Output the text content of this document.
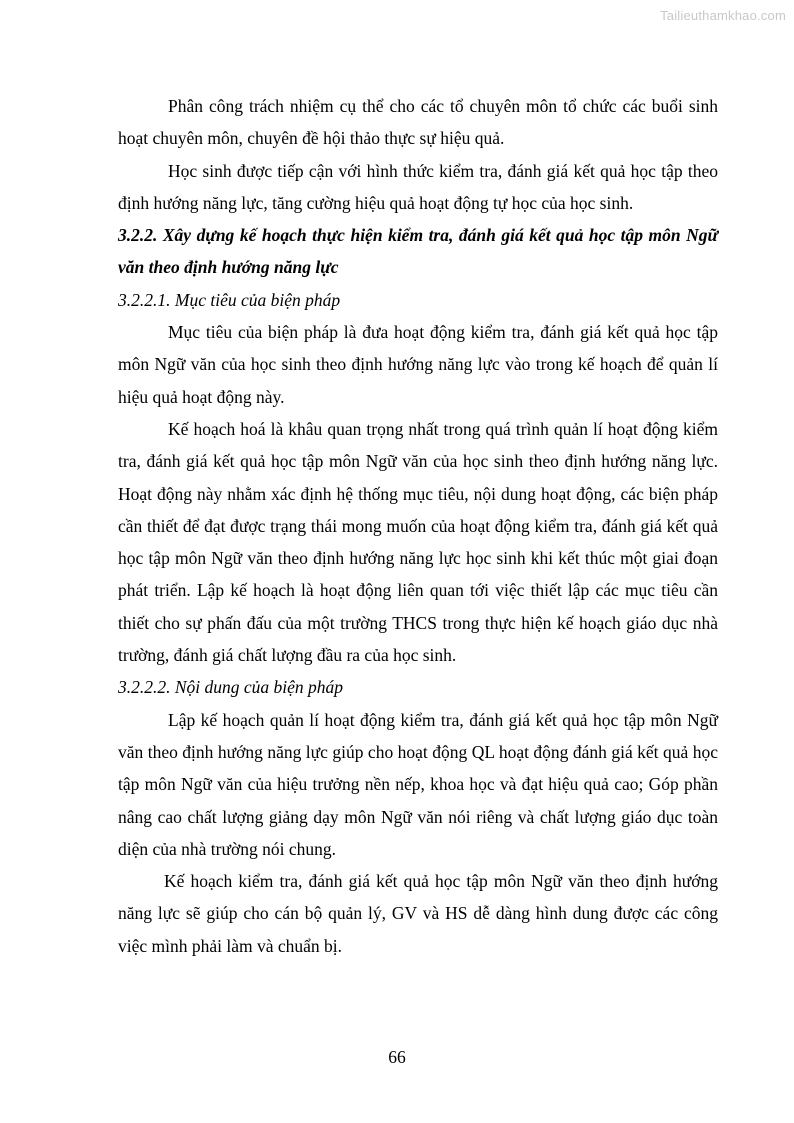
Tailieuthamkhao.com

Phân công trách nhiệm cụ thể cho các tổ chuyên môn tổ chức các buổi sinh hoạt chuyên môn, chuyên đề hội thảo thực sự hiệu quả.

Học sinh được tiếp cận với hình thức kiểm tra, đánh giá kết quả học tập theo định hướng năng lực, tăng cường hiệu quả hoạt động tự học của học sinh.

3.2.2. Xây dựng kế hoạch thực hiện kiểm tra, đánh giá kết quả học tập môn Ngữ văn theo định hướng năng lực

3.2.2.1. Mục tiêu của biện pháp

Mục tiêu của biện pháp là đưa hoạt động kiểm tra, đánh giá kết quả học tập môn Ngữ văn của học sinh theo định hướng năng lực vào trong kế hoạch để quản lí hiệu quả hoạt động này.

Kế hoạch hoá là khâu quan trọng nhất trong quá trình quản lí hoạt động kiểm tra, đánh giá kết quả học tập môn Ngữ văn của học sinh theo định hướng năng lực. Hoạt động này nhằm xác định hệ thống mục tiêu, nội dung hoạt động, các biện pháp cần thiết để đạt được trạng thái mong muốn của hoạt động kiểm tra, đánh giá kết quả học tập môn Ngữ văn theo định hướng năng lực học sinh khi kết thúc một giai đoạn phát triển. Lập kế hoạch là hoạt động liên quan tới việc thiết lập các mục tiêu cần thiết cho sự phấn đấu của một trường THCS trong thực hiện kế hoạch giáo dục nhà trường, đánh giá chất lượng đầu ra của học sinh.

3.2.2.2. Nội dung của biện pháp

Lập kế hoạch quản lí hoạt động kiểm tra, đánh giá kết quả học tập môn Ngữ văn theo định hướng năng lực giúp cho hoạt động QL hoạt động đánh giá kết quả học tập môn Ngữ văn của hiệu trưởng nền nếp, khoa học và đạt hiệu quả cao; Góp phần nâng cao chất lượng giảng dạy môn Ngữ văn nói riêng và chất lượng giáo dục toàn diện của nhà trường nói chung.

Kế hoạch kiểm tra, đánh giá kết quả học tập môn Ngữ văn theo định hướng năng lực sẽ giúp cho cán bộ quản lý, GV và HS dễ dàng hình dung được các công việc mình phải làm và chuẩn bị.

66
